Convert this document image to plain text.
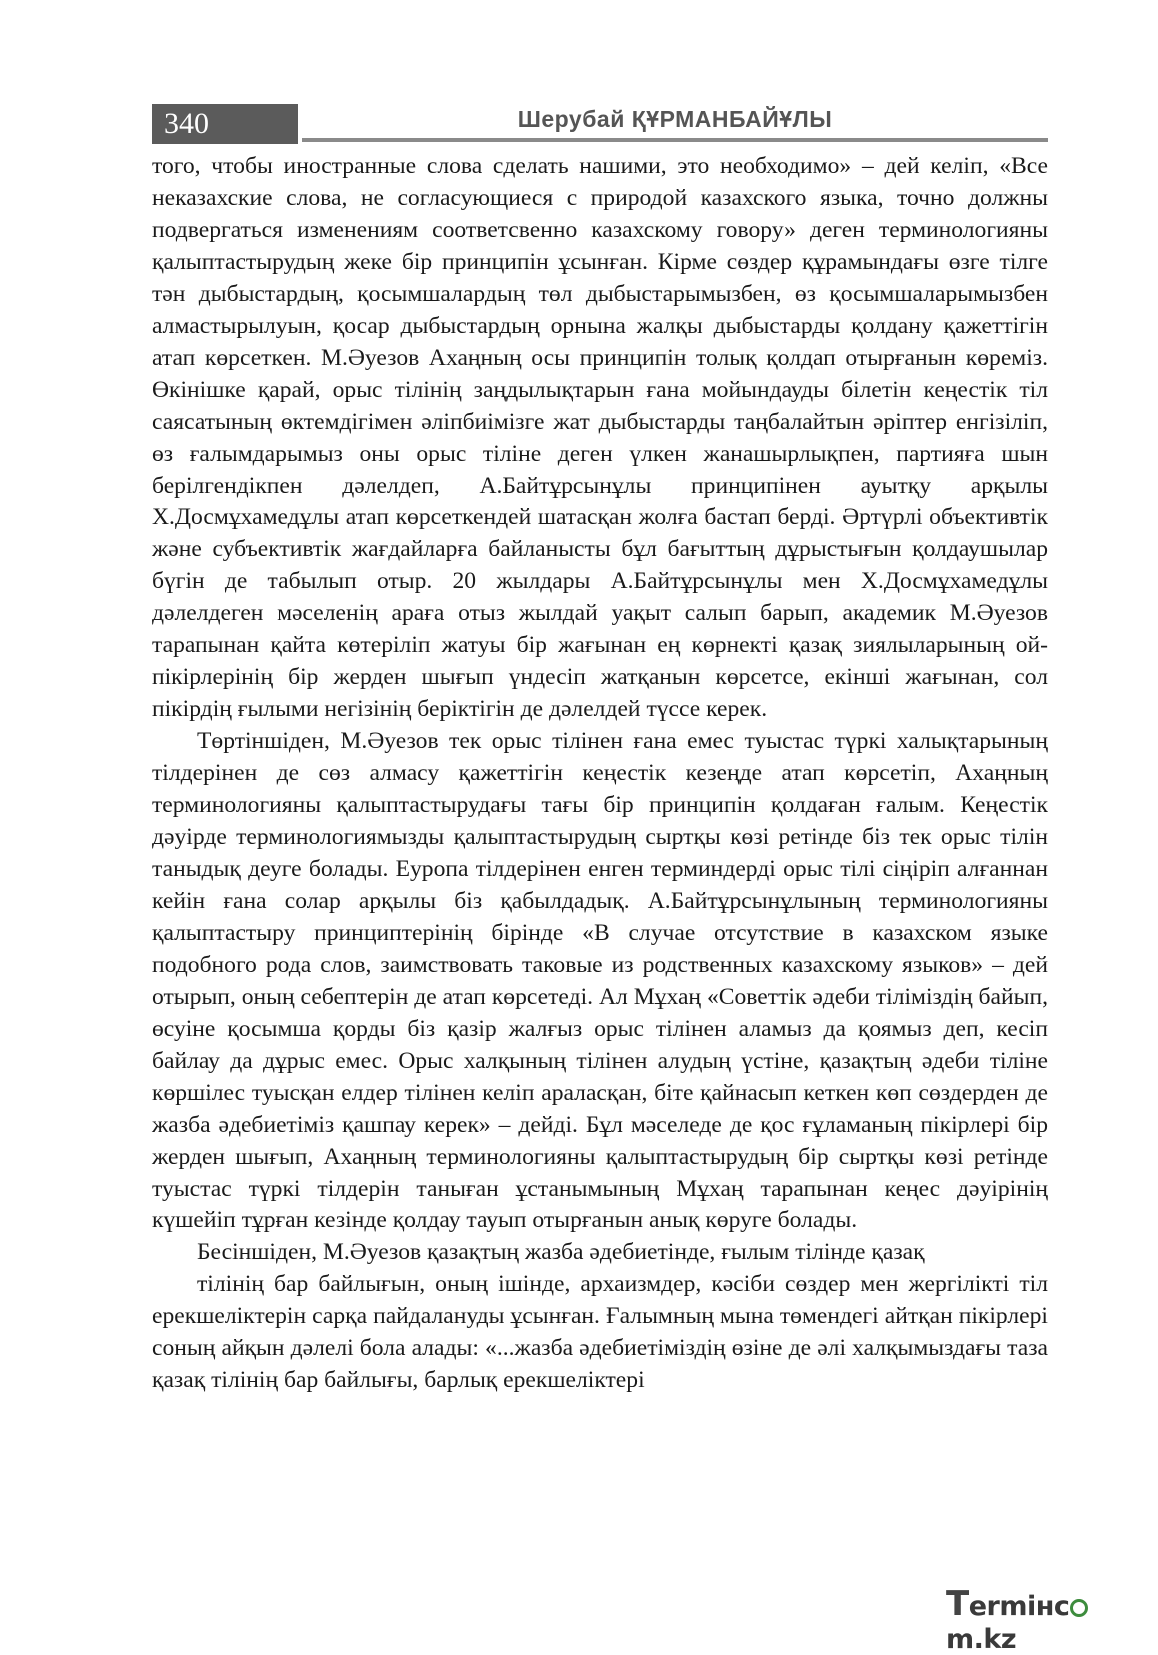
340	Шерубай ҚҰРМАНБАЙҰЛЫ

того, чтобы иностранные слова сделать нашими, это необходимо» – дей келіп, «Все неказахские слова, не согласующиеся с природой казахского языка, точно должны подвергаться изменениям соответсвенно казахскому говору» деген терминологияны қалыптастырудың жеке бір принципін ұсынған. Кірме сөздер құрамындағы өзге тілге тән дыбыстардың, қосымшалардың төл дыбыстарымызбен, өз қосымшаларымызбен алмастырылуын, қосар дыбыстардың орнына жалқы дыбыстарды қолдану қажеттігін атап көрсеткен. М.Әуезов Ахаңның осы принципін толық қолдап отырғанын көреміз. Өкінішке қарай, орыс тілінің заңдылықтарын ғана мойындауды білетін кеңестік тіл саясатының өктемдігімен әліпбиімізге жат дыбыстарды таңбалайтын әріптер енгізіліп, өз ғалымдарымыз оны орыс тіліне деген үлкен жанашырлықпен, партияға шын берілгендікпен дәлелдеп, А.Байтұрсынұлы принципінен ауытқу арқылы Х.Досмұхамедұлы атап көрсеткендей шатасқан жолға бастап берді. Әртүрлі объективтік және субъективтік жағдайларға байланысты бұл бағыттың дұрыстығын қолдаушылар бүгін де табылып отыр. 20 жылдары А.Байтұрсынұлы мен Х.Досмұхамедұлы дәлелдеген мәселенің араға отыз жылдай уақыт салып барып, академик М.Әуезов тарапынан қайта көтеріліп жатуы бір жағынан ең көрнекті қазақ зиялыларының ой-пікірлерінің бір жерден шығып үндесіп жатқанын көрсетсе, екінші жағынан, сол пікірдің ғылыми негізінің беріктігін де дәлелдей түссе керек.

Төртіншіден, М.Әуезов тек орыс тілінен ғана емес туыстас түркі халықтарының тілдерінен де сөз алмасу қажеттігін кеңестік кезеңде атап көрсетіп, Ахаңның терминологияны қалыптастырудағы тағы бір принципін қолдаған ғалым. Кеңестік дәуірде терминологиямызды қалыптастырудың сыртқы көзі ретінде біз тек орыс тілін таныдық деуге болады. Еуропа тілдерінен енген терминдерді орыс тілі сіңіріп алғаннан кейін ғана солар арқылы біз қабылдадық. А.Байтұрсынұлының терминологияны қалыптастыру принциптерінің бірінде «В случае отсутствие в казахском языке подобного рода слов, заимствовать таковые из родственных казахскому языков» – дей отырып, оның себептерін де атап көрсетеді. Ал Мұхаң «Советтік әдеби тіліміздің байып, өсуіне қосымша қорды біз қазір жалғыз орыс тілінен аламыз да қоямыз деп, кесіп байлау да дұрыс емес. Орыс халқының тілінен алудың үстіне, қазақтың әдеби тіліне көршілес туысқан елдер тілінен келіп араласқан, біте қайнасып кеткен көп сөздерден де жазба әдебиетіміз қашпау керек» – дейді. Бұл мәселеде де қос ғұламаның пікірлері бір жерден шығып, Ахаңның терминологияны қалыптастырудың бір сыртқы көзі ретінде туыстас түркі тілдерін таныған ұстанымының Мұхаң тарапынан кеңес дәуірінің күшейіп тұрған кезінде қолдау тауып отырғанын анық көруге болады.

Бесіншіден, М.Әуезов қазақтың жазба әдебиетінде, ғылым тілінде қазақ

тілінің бар байлығын, оның ішінде, архаизмдер, кәсіби сөздер мен жергілікті тіл ерекшеліктерін сарқа пайдалануды ұсынған. Ғалымның мына төмендегі айтқан пікірлері соның айқын дәлелі бола алады: «...жазба әдебиетіміздің өзіне де әлі халқымыздағы таза қазақ тілінің бар байлығы, барлық ерекшеліктері

Termінcm.kz
